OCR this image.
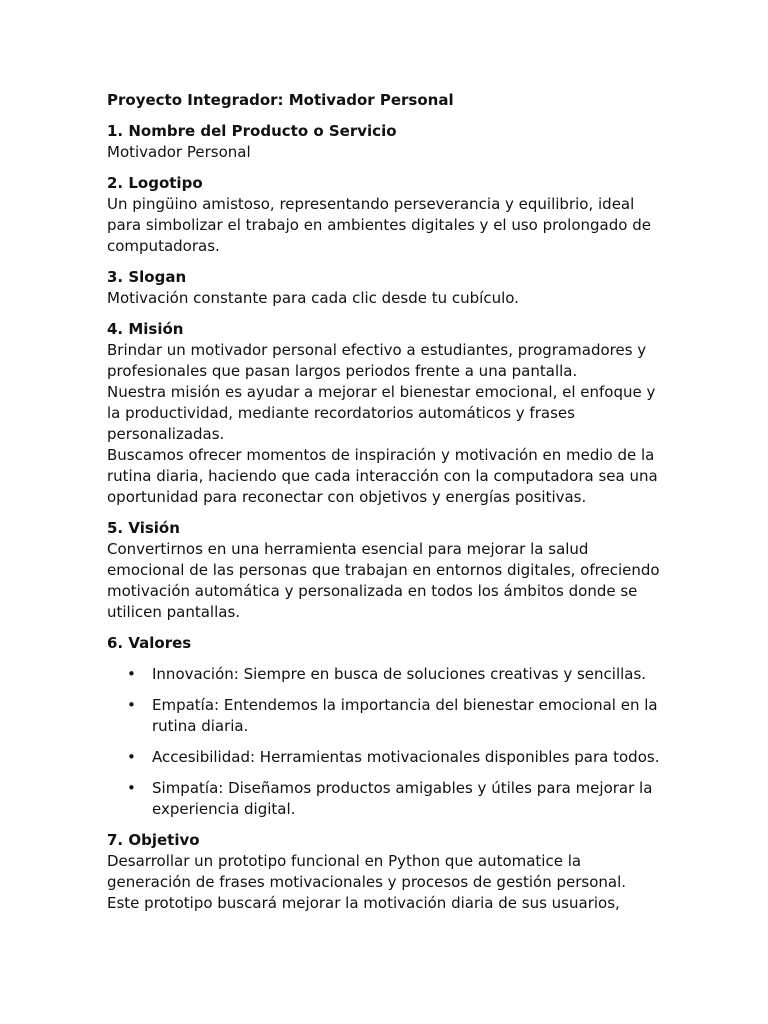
Proyecto Integrador: Motivador Personal
1. Nombre del Producto o Servicio
Motivador Personal
2. Logotipo
Un pingüino amistoso, representando perseverancia y equilibrio, ideal para simbolizar el trabajo en ambientes digitales y el uso prolongado de computadoras.
3. Slogan
Motivación constante para cada clic desde tu cubículo.
4. Misión
Brindar un motivador personal efectivo a estudiantes, programadores y profesionales que pasan largos periodos frente a una pantalla.
Nuestra misión es ayudar a mejorar el bienestar emocional, el enfoque y la productividad, mediante recordatorios automáticos y frases personalizadas.
Buscamos ofrecer momentos de inspiración y motivación en medio de la rutina diaria, haciendo que cada interacción con la computadora sea una oportunidad para reconectar con objetivos y energías positivas.
5. Visión
Convertirnos en una herramienta esencial para mejorar la salud emocional de las personas que trabajan en entornos digitales, ofreciendo motivación automática y personalizada en todos los ámbitos donde se utilicen pantallas.
6. Valores
• Innovación: Siempre en busca de soluciones creativas y sencillas.
• Empatía: Entendemos la importancia del bienestar emocional en la rutina diaria.
• Accesibilidad: Herramientas motivacionales disponibles para todos.
• Simpatía: Diseñamos productos amigables y útiles para mejorar la experiencia digital.
7. Objetivo
Desarrollar un prototipo funcional en Python que automatice la generación de frases motivacionales y procesos de gestión personal.
Este prototipo buscará mejorar la motivación diaria de sus usuarios,
